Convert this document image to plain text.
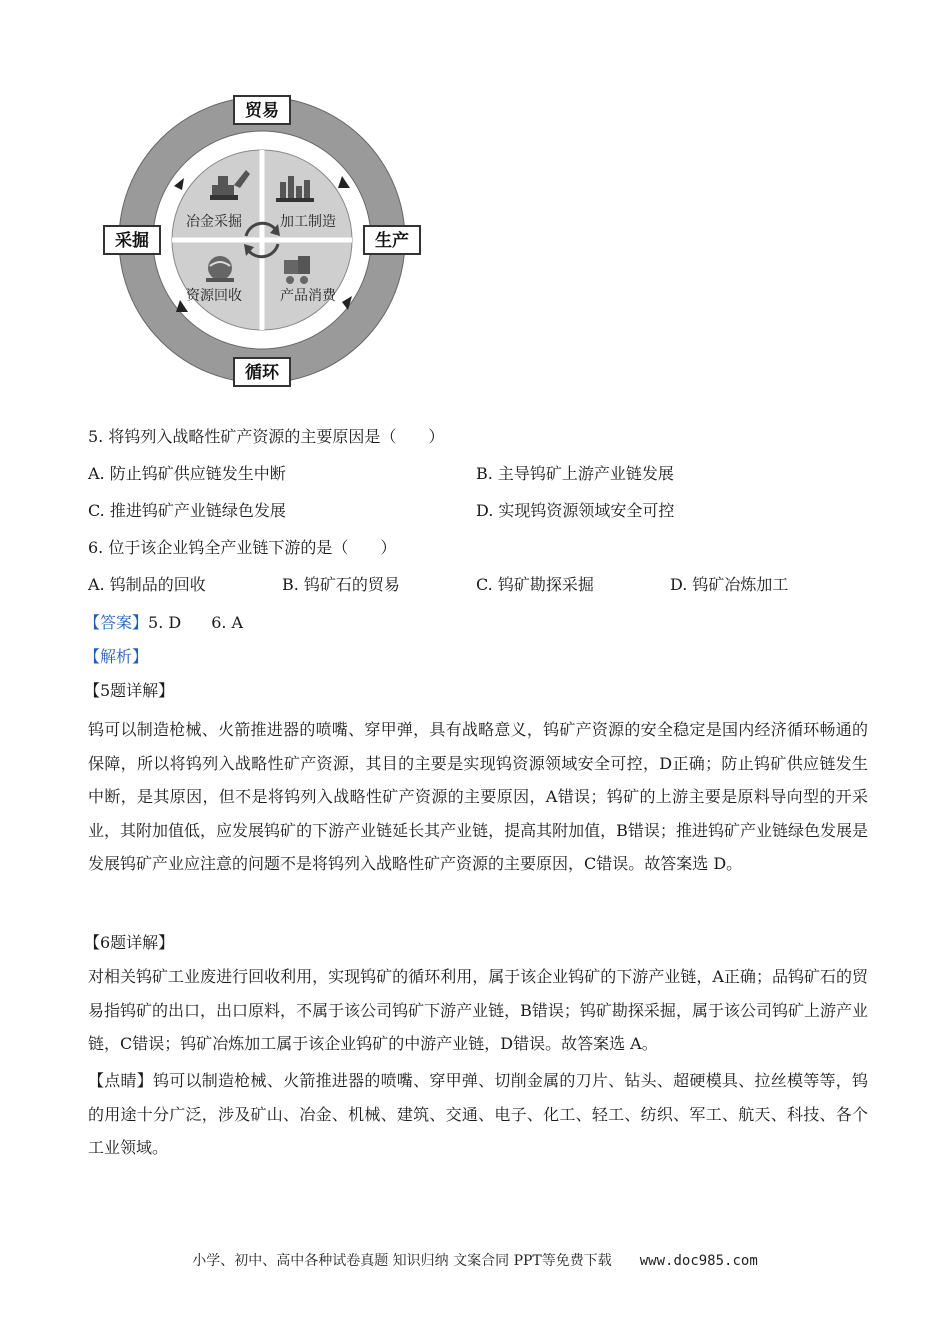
冶金采掘	加工制造
资源回收	产品消费
贸易
生产
循环
采掘
5. 将钨列入战略性矿产资源的主要原因是（　　）
A. 防止钨矿供应链发生中断	B. 主导钨矿上游产业链发展
C. 推进钨矿产业链绿色发展	D. 实现钨资源领域安全可控
6. 位于该企业钨全产业链下游的是（　　）
A. 钨制品的回收	B. 钨矿石的贸易	C. 钨矿勘探采掘	D. 钨矿冶炼加工
【答案】5. D 6. A
【解析】
【5题详解】
钨可以制造枪械、火箭推进器的喷嘴、穿甲弹，具有战略意义，钨矿产资源的安全稳定是国内经济循环畅通的保障，所以将钨列入战略性矿产资源，其目的主要是实现钨资源领域安全可控，D正确；防止钨矿供应链发生中断，是其原因，但不是将钨列入战略性矿产资源的主要原因，A错误；钨矿的上游主要是原料导向型的开采业，其附加值低，应发展钨矿的下游产业链延长其产业链，提高其附加值，B错误；推进钨矿产业链绿色发展是发展钨矿产业应注意的问题不是将钨列入战略性矿产资源的主要原因，C错误。故答案选 D。
【6题详解】
对相关钨矿工业废进行回收利用，实现钨矿的循环利用，属于该企业钨矿的下游产业链，A正确；品钨矿石的贸易指钨矿的出口，出口原料，不属于该公司钨矿下游产业链，B错误；钨矿勘探采掘，属于该公司钨矿上游产业链，C错误；钨矿冶炼加工属于该企业钨矿的中游产业链，D错误。故答案选 A。
【点睛】钨可以制造枪械、火箭推进器的喷嘴、穿甲弹、切削金属的刀片、钻头、超硬模具、拉丝模等等，钨的用途十分广泛，涉及矿山、冶金、机械、建筑、交通、电子、化工、轻工、纺织、军工、航天、科技、各个工业领域。
小学、初中、高中各种试卷真题 知识归纳 文案合同 PPT等免费下载 www.doc985.com
